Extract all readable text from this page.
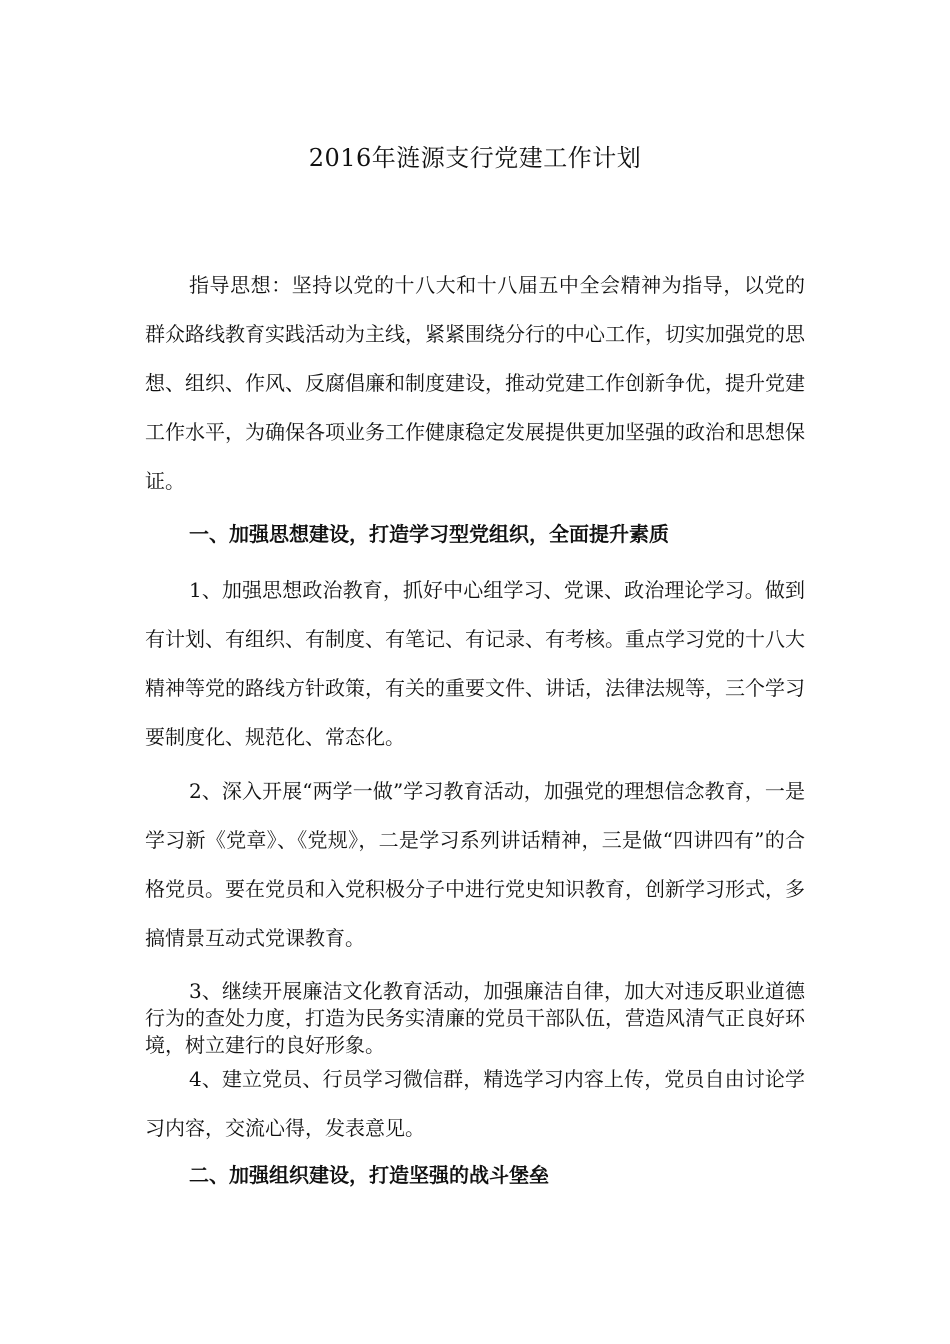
2016年涟源支行党建工作计划

指导思想：坚持以党的十八大和十八届五中全会精神为指导，以党的群众路线教育实践活动为主线，紧紧围绕分行的中心工作，切实加强党的思想、组织、作风、反腐倡廉和制度建设，推动党建工作创新争优，提升党建工作水平，为确保各项业务工作健康稳定发展提供更加坚强的政治和思想保证。

一、加强思想建设，打造学习型党组织，全面提升素质

1、加强思想政治教育，抓好中心组学习、党课、政治理论学习。做到有计划、有组织、有制度、有笔记、有记录、有考核。重点学习党的十八大精神等党的路线方针政策，有关的重要文件、讲话，法律法规等，三个学习要制度化、规范化、常态化。

2、深入开展“两学一做”学习教育活动，加强党的理想信念教育，一是学习新《党章》、《党规》，二是学习系列讲话精神，三是做“四讲四有”的合格党员。要在党员和入党积极分子中进行党史知识教育，创新学习形式，多搞情景互动式党课教育。

3、继续开展廉洁文化教育活动，加强廉洁自律，加大对违反职业道德行为的查处力度，打造为民务实清廉的党员干部队伍，营造风清气正良好环境，树立建行的良好形象。

4、建立党员、行员学习微信群，精选学习内容上传，党员自由讨论学习内容，交流心得，发表意见。

二、加强组织建设，打造坚强的战斗堡垒
